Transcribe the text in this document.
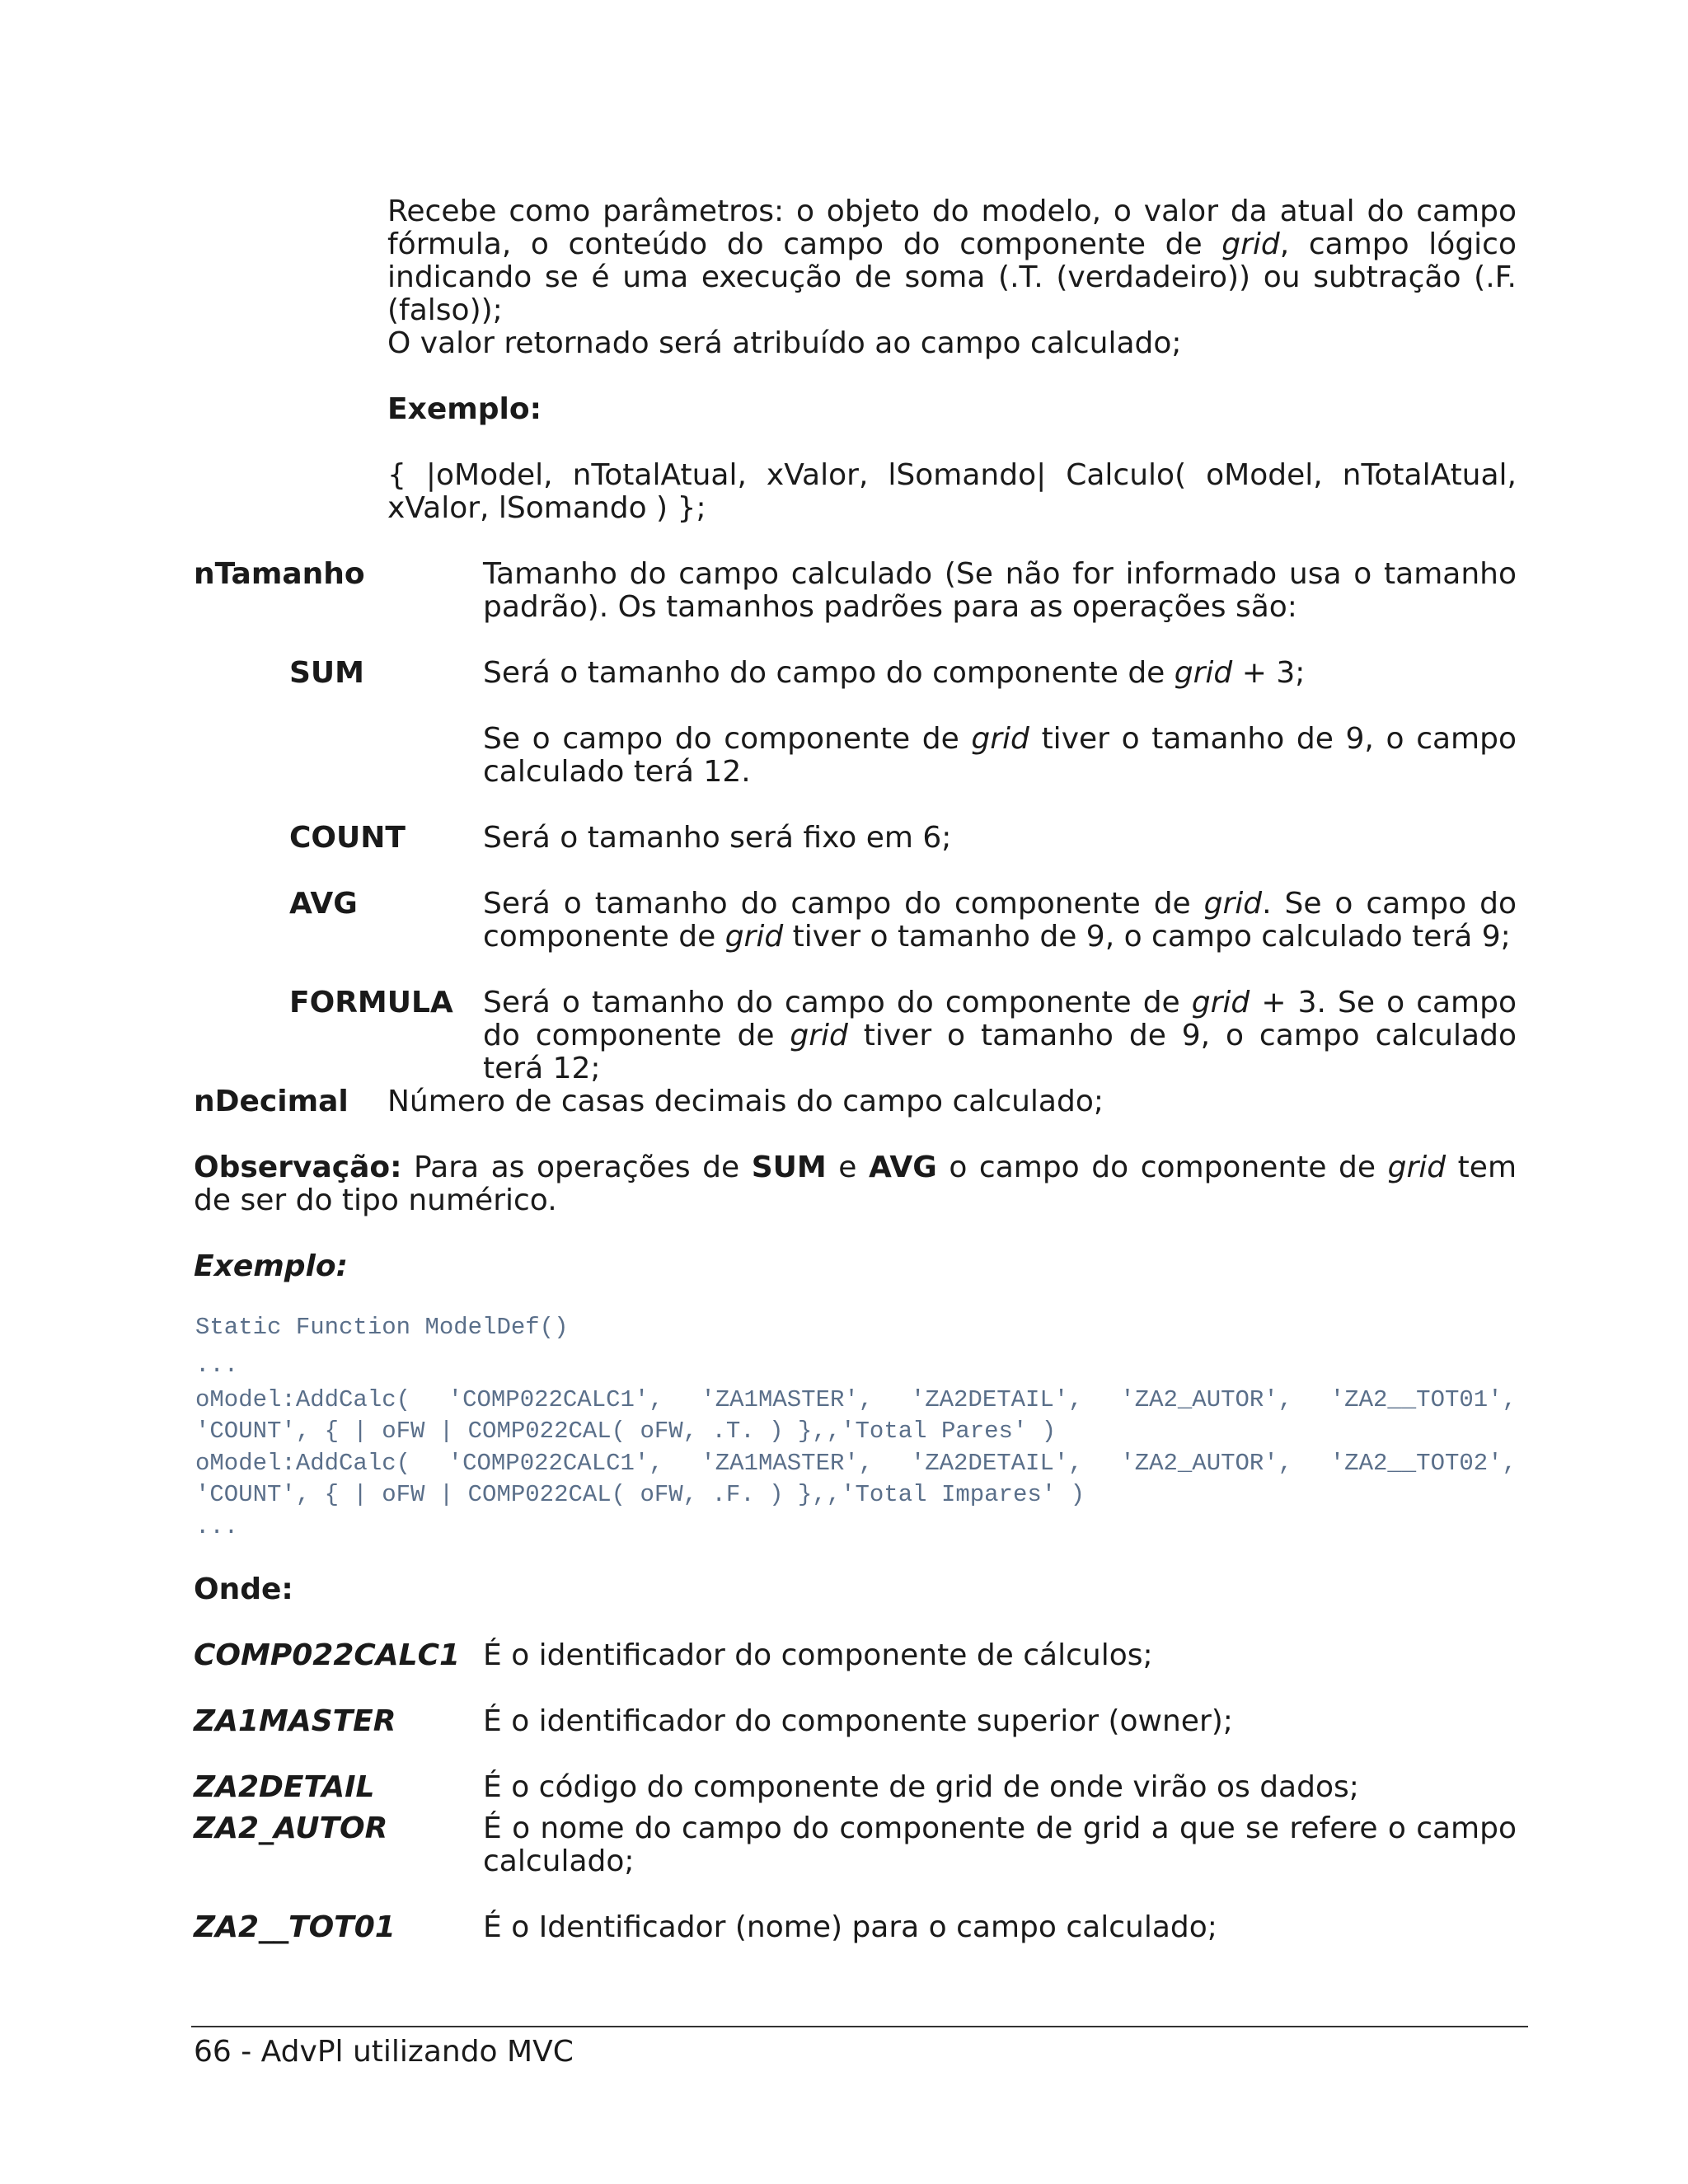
Recebe como parâmetros: o objeto do modelo, o valor da atual do campo fórmula, o conteúdo do campo do componente de grid, campo lógico indicando se é uma execução de soma (.T. (verdadeiro)) ou subtração (.F. (falso));
O valor retornado será atribuído ao campo calculado;
Exemplo:
{ |oModel, nTotalAtual, xValor, lSomando| Calculo( oModel, nTotalAtual, xValor, lSomando ) };
nTamanho	Tamanho do campo calculado (Se não for informado usa o tamanho padrão). Os tamanhos padrões para as operações são:
SUM	Será o tamanho do campo do componente de grid + 3;
Se o campo do componente de grid tiver o tamanho de 9, o campo calculado terá 12.
COUNT	Será o tamanho será fixo em 6;
AVG	Será o tamanho do campo do componente de grid. Se o campo do componente de grid tiver o tamanho de 9, o campo calculado terá 9;
FORMULA Será o tamanho do campo do componente de grid + 3. Se o campo do componente de grid tiver o tamanho de 9, o campo calculado terá 12;
nDecimal Número de casas decimais do campo calculado;
Observação: Para as operações de SUM e AVG o campo do componente de grid tem de ser do tipo numérico.
Exemplo:
Static Function ModelDef()
...
oModel:AddCalc( 'COMP022CALC1', 'ZA1MASTER', 'ZA2DETAIL', 'ZA2_AUTOR', 'ZA2__TOT01', 'COUNT', { | oFW | COMP022CAL( oFW, .T. ) },,'Total Pares' )
oModel:AddCalc( 'COMP022CALC1', 'ZA1MASTER', 'ZA2DETAIL', 'ZA2_AUTOR', 'ZA2__TOT02', 'COUNT', { | oFW | COMP022CAL( oFW, .F. ) },,'Total Impares' )
...
Onde:
COMP022CALC1 É o identificador do componente de cálculos;
ZA1MASTER	É o identificador do componente superior (owner);
ZA2DETAIL	É o código do componente de grid de onde virão os dados;
ZA2_AUTOR	É o nome do campo do componente de grid a que se refere o campo calculado;
ZA2__TOT01	É o Identificador (nome) para o campo calculado;
66 - AdvPl utilizando MVC
